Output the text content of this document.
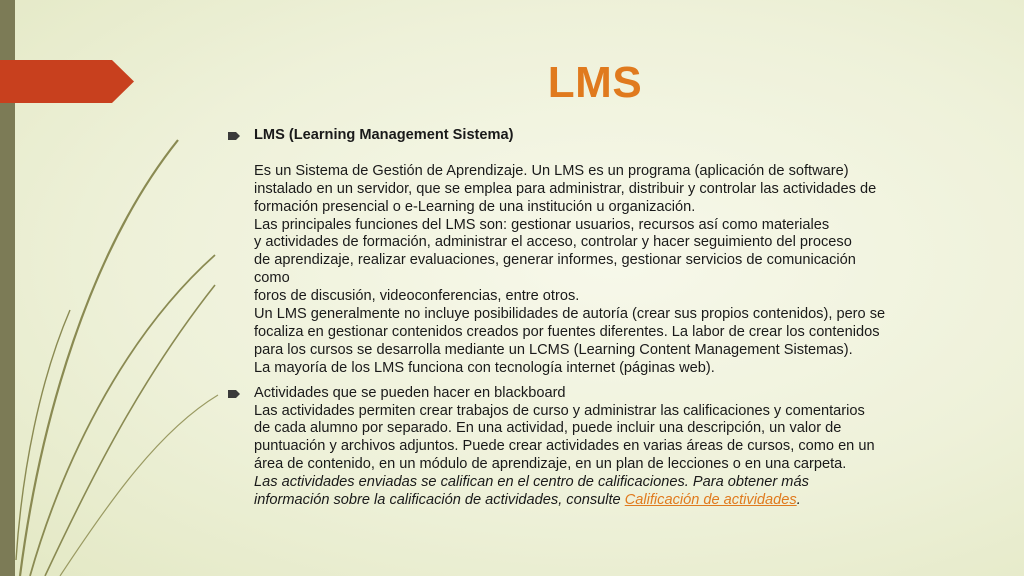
LMS
LMS (Learning Management Sistema)
Es un Sistema de Gestión de Aprendizaje. Un LMS es un programa (aplicación de software)
instalado en un servidor, que se emplea para administrar, distribuir y controlar las actividades de
formación presencial o e-Learning de una institución u organización.
Las principales funciones del LMS son: gestionar usuarios, recursos así como materiales
y actividades de formación, administrar el acceso, controlar y hacer seguimiento del proceso
de aprendizaje, realizar evaluaciones, generar informes, gestionar servicios de comunicación
como
foros de discusión, videoconferencias, entre otros.
Un LMS generalmente no incluye posibilidades de autoría (crear sus propios contenidos), pero se
focaliza en gestionar contenidos creados por fuentes diferentes. La labor de crear los contenidos
para los cursos se desarrolla mediante un LCMS (Learning Content Management Sistemas).
La mayoría de los LMS funciona con tecnología internet (páginas web).
Actividades que se pueden hacer en blackboard
Las actividades permiten crear trabajos de curso y administrar las calificaciones y comentarios
de cada alumno por separado. En una actividad, puede incluir una descripción, un valor de
puntuación y archivos adjuntos. Puede crear actividades en varias áreas de cursos, como en un
área de contenido, en un módulo de aprendizaje, en un plan de lecciones o en una carpeta.
Las actividades enviadas se califican en el centro de calificaciones. Para obtener más
información sobre la calificación de actividades, consulte Calificación de actividades.
